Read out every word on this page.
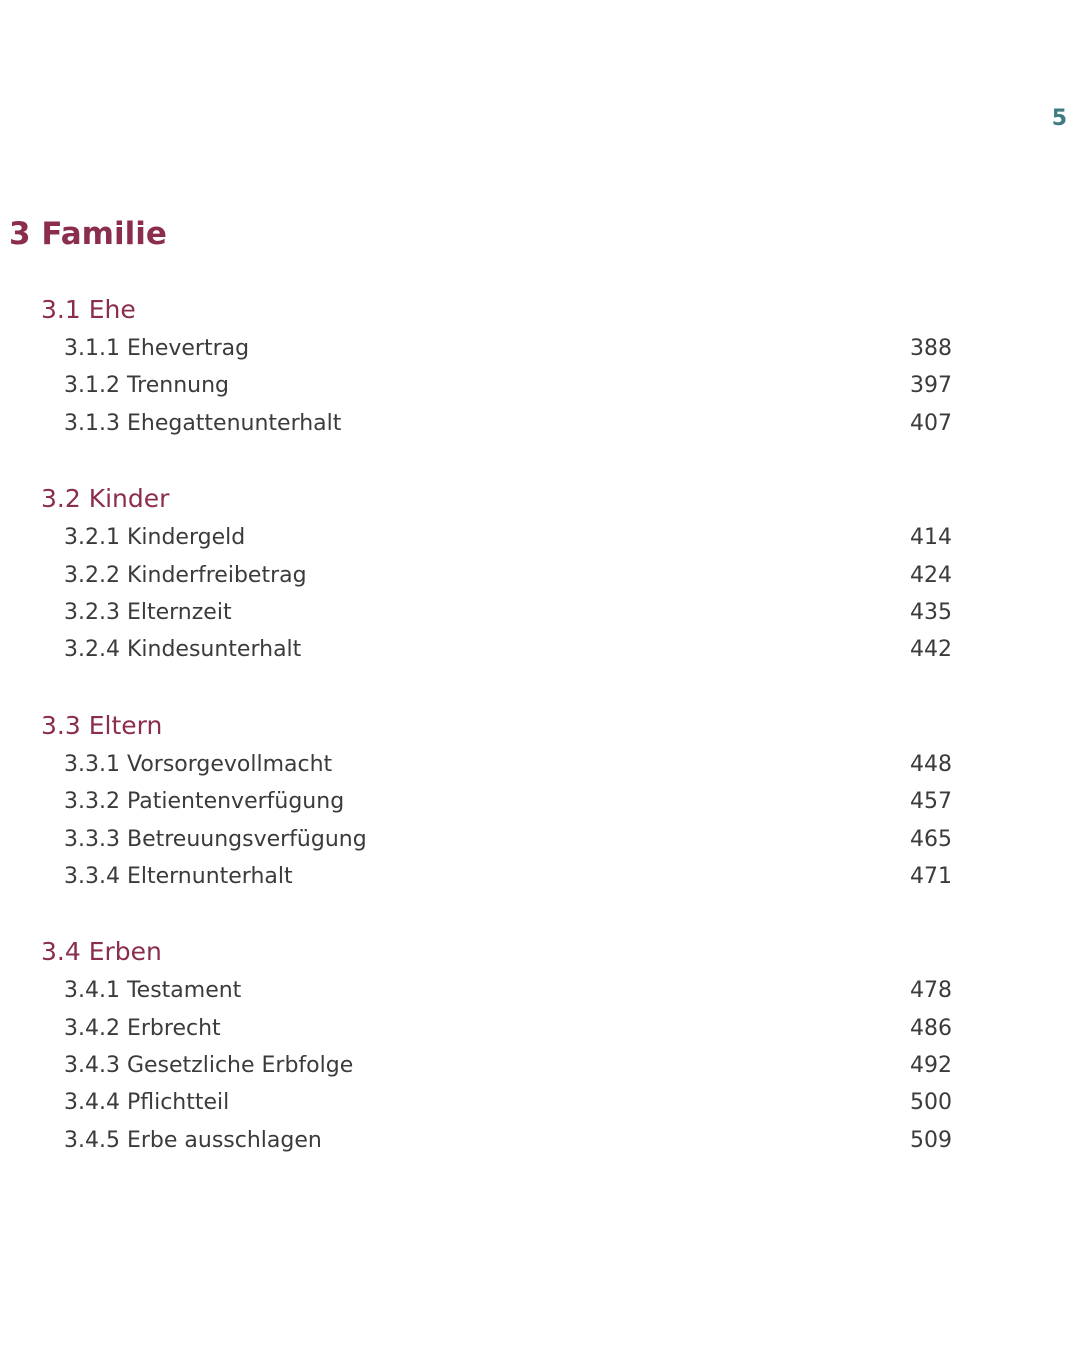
5
3 Familie
3.1 Ehe
3.1.1 Ehevertrag	388
3.1.2 Trennung	397
3.1.3 Ehegattenunterhalt	407
3.2 Kinder
3.2.1 Kindergeld	414
3.2.2 Kinderfreibetrag	424
3.2.3 Elternzeit	435
3.2.4 Kindesunterhalt	442
3.3 Eltern
3.3.1 Vorsorgevollmacht	448
3.3.2 Patientenverfügung	457
3.3.3 Betreuungsverfügung	465
3.3.4 Elternunterhalt	471
3.4 Erben
3.4.1 Testament	478
3.4.2 Erbrecht	486
3.4.3 Gesetzliche Erbfolge	492
3.4.4 Pflichtteil	500
3.4.5 Erbe ausschlagen	509
